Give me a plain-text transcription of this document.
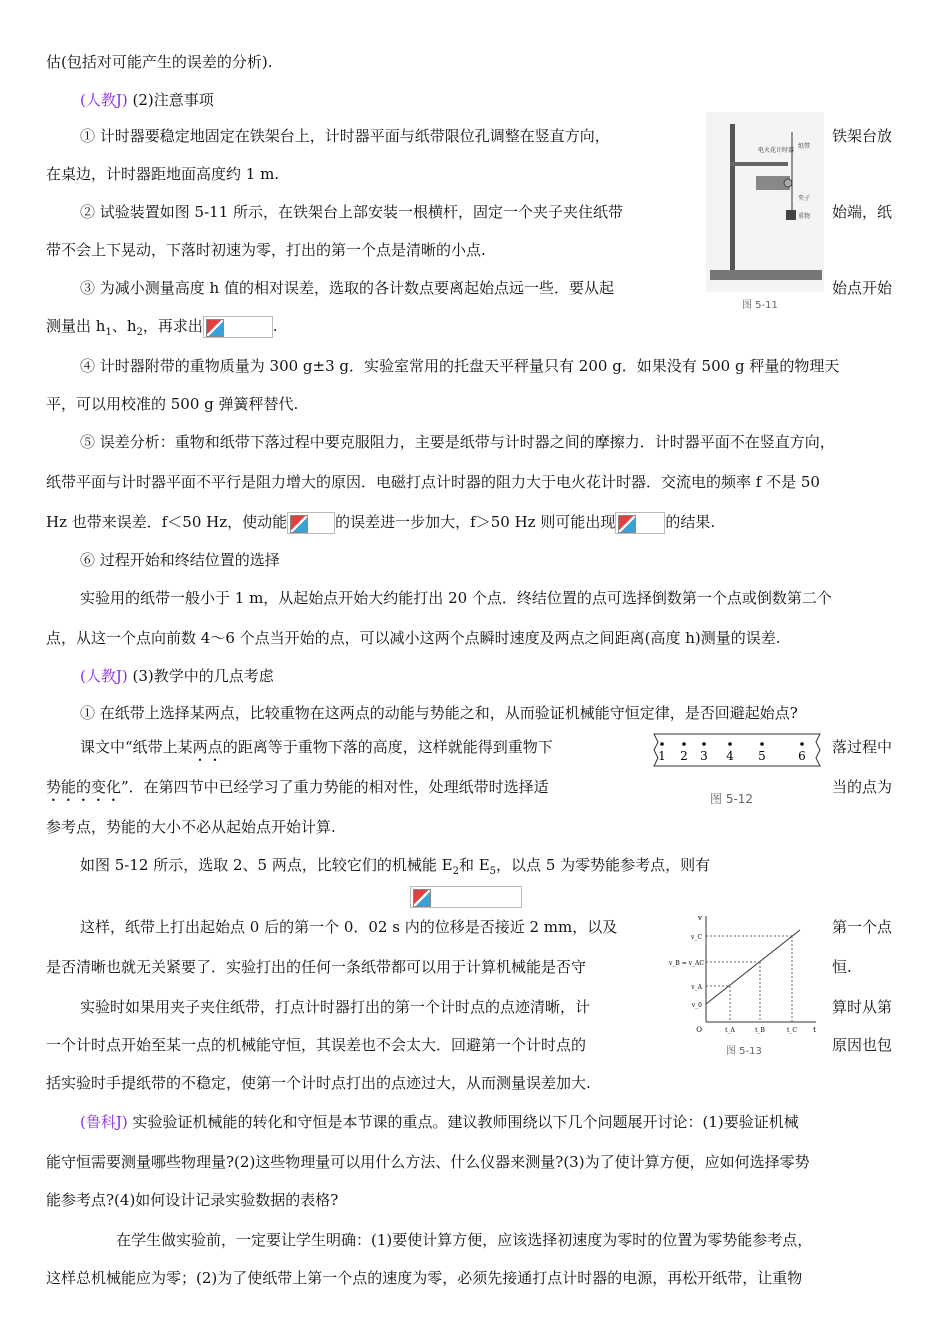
估(包括对可能产生的误差的分析).
(人教J) (2)注意事项
① 计时器要稳定地固定在铁架台上，计时器平面与纸带限位孔调整在竖直方向，	铁架台放
在桌边，计时器距地面高度约 1 m.
② 试验装置如图 5-11 所示，在铁架台上部安装一根横杆，固定一个夹子夹住纸带	始端，纸
带不会上下晃动，下落时初速为零，打出的第一个点是清晰的小点.
③ 为减小测量高度 h 值的相对误差，选取的各计数点要离起始点远一些．要从起	始点开始
测量出 $h_1$、$h_2$，再求出	.
④ 计时器附带的重物质量为 300 g±3 g．实验室常用的托盘天平秤量只有 200 g．如果没有 500 g 秤量的物理天
平，可以用校准的 500 g 弹簧秤替代.
⑤ 误差分析：重物和纸带下落过程中要克服阻力，主要是纸带与计时器之间的摩擦力．计时器平面不在竖直方向，
纸带平面与计时器平面不平行是阻力增大的原因．电磁打点计时器的阻力大于电火花计时器．交流电的频率 f 不是 50
Hz 也带来误差．f＜50 Hz，使动能	的误差进一步加大，f＞50 Hz 则可能出现	的结果.
⑥ 过程开始和终结位置的选择
实验用的纸带一般小于 1 m，从起始点开始大约能打出 20 个点．终结位置的点可选择倒数第一个点或倒数第二个
点，从这一个点向前数 4～6 个点当开始的点，可以减小这两个点瞬时速度及两点之间距离(高度 h)测量的误差.
(人教J) (3)教学中的几点考虑
① 在纸带上选择某两点，比较重物在这两点的动能与势能之和，从而验证机械能守恒定律，是否回避起始点?
课文中“纸带上某两点的距离等于重物下落的高度，这样就能得到重物下	落过程中
势能的变化”．在第四节中已经学习了重力势能的相对性，处理纸带时选择适	当的点为
参考点，势能的大小不必从起始点开始计算.
如图 5-12 所示，选取 2、5 两点，比较它们的机械能 $E_2$和 $E_5$，以点 5 为零势能参考点，则有
这样，纸带上打出起始点 0 后的第一个 0．02 s 内的位移是否接近 2 mm，以及	第一个点
是否清晰也就无关紧要了．实验打出的任何一条纸带都可以用于计算机械能是否守	恒.
实验时如果用夹子夹住纸带，打点计时器打出的第一个计时点的点迹清晰，计	算时从第
一个计时点开始至某一点的机械能守恒，其误差也不会太大．回避第一个计时点的	原因也包
括实验时手提纸带的不稳定，使第一个计时点打出的点迹过大，从而测量误差加大.
(鲁科J) 实验验证机械能的转化和守恒是本节课的重点。建议教师围绕以下几个问题展开讨论：(1)要验证机械
能守恒需要测量哪些物理量?(2)这些物理量可以用什么方法、什么仪器来测量?(3)为了使计算方便，应如何选择零势
能参考点?(4)如何设计记录实验数据的表格?
在学生做实验前，一定要让学生明确：(1)要使计算方便，应该选择初速度为零时的位置为零势能参考点，
这样总机械能应为零；(2)为了使纸带上第一个点的速度为零，必须先接通打点计时器的电源，再松开纸带，让重物
电火花计时器
纸带
夹子
重物
图 5-11
1 2 3 4 5	6
图 5-12
v
v_C
v_B = v_AC
v_A
v_0
O	t_A	t_B	t_C t
图 5-13
